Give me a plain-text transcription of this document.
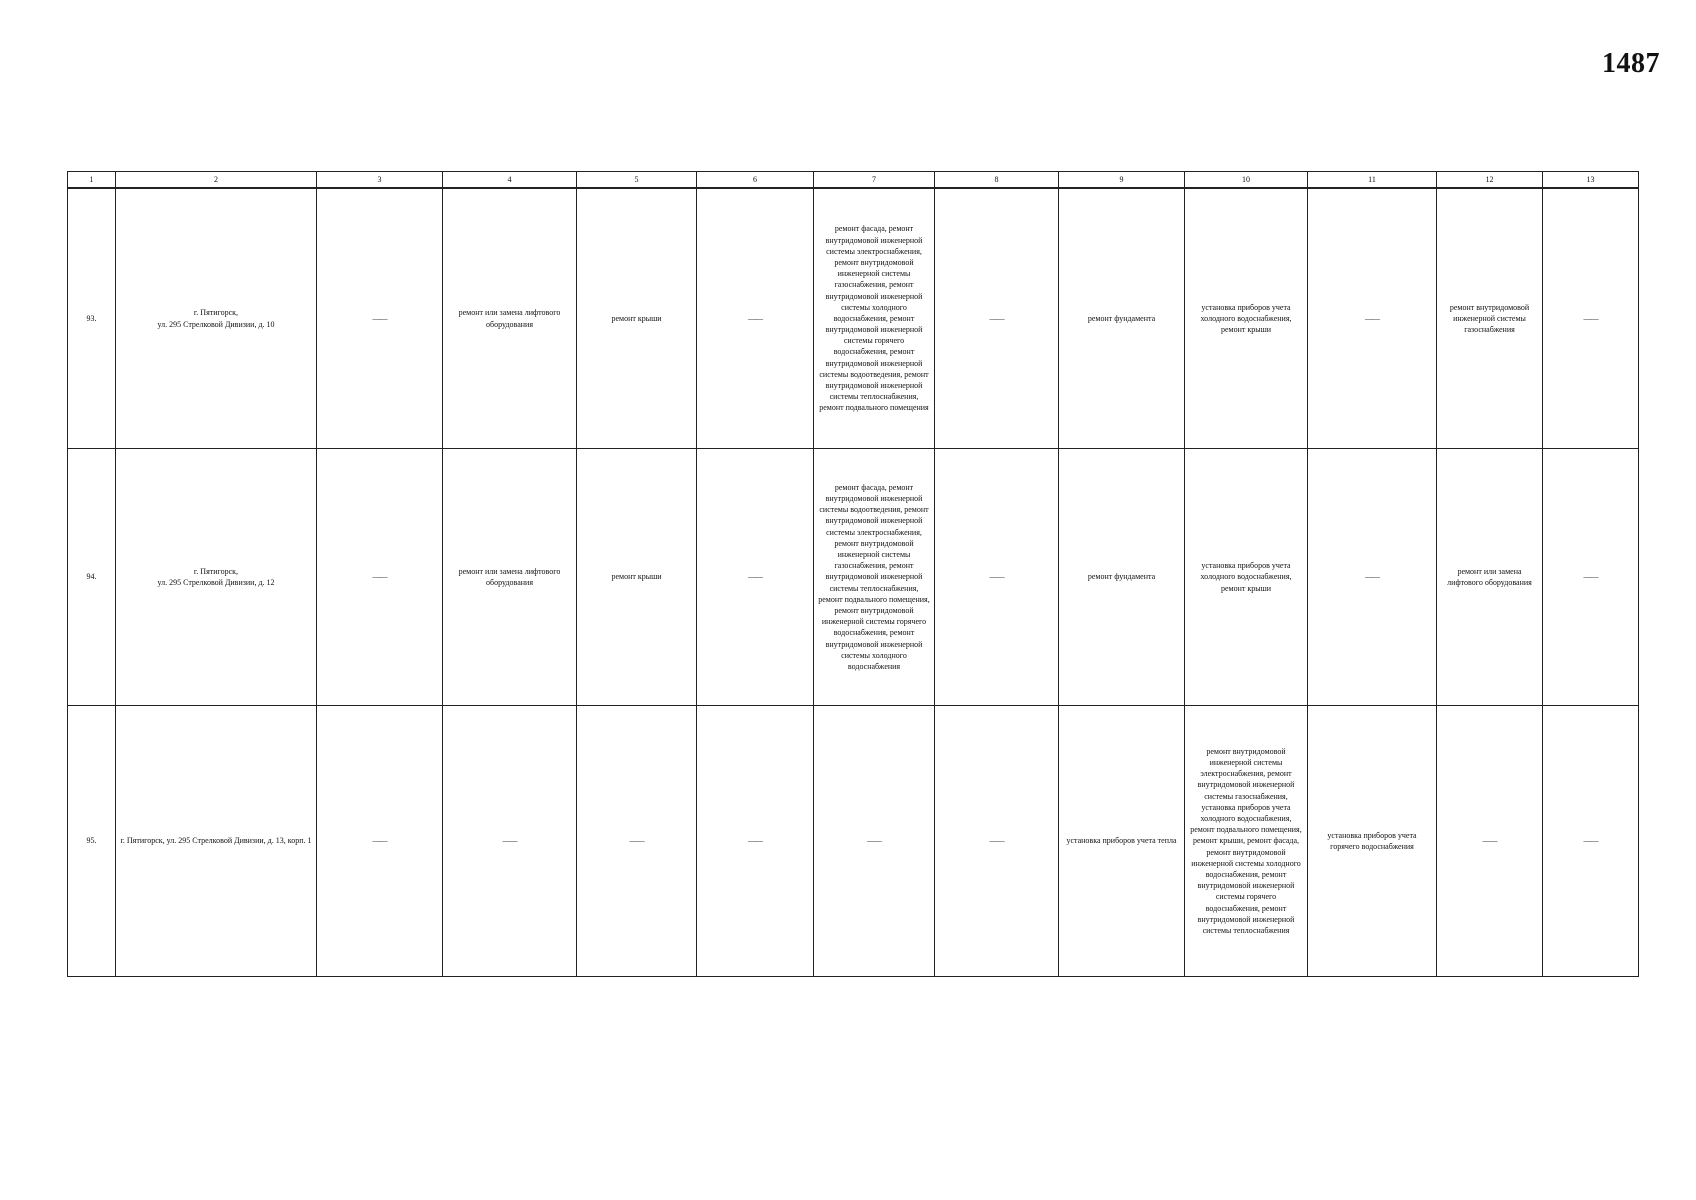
1487
1	2	3	4	5	6	7	8	9	10	11	12	13
93.	г. Пятигорск,
ул. 295 Стрелковой Дивизии, д. 10	——	ремонт или замена лифтового оборудования	ремонт крыши	——	ремонт фасада, ремонт внутридомовой инженерной системы электроснабжения, ремонт внутридомовой инженерной системы газоснабжения, ремонт внутридомовой инженерной системы холодного водоснабжения, ремонт внутридомовой инженерной системы горячего водоснабжения, ремонт внутридомовой инженерной системы водоотведения, ремонт внутридомовой инженерной системы теплоснабжения, ремонт подвального помещения	——	ремонт фундамента	установка приборов учета холодного водоснабжения, ремонт крыши	——	ремонт внутридомовой инженерной системы газоснабжения	——
94.	г. Пятигорск,
ул. 295 Стрелковой Дивизии, д. 12	——	ремонт или замена лифтового оборудования	ремонт крыши	——	ремонт фасада, ремонт внутридомовой инженерной системы водоотведения, ремонт внутридомовой инженерной системы электроснабжения, ремонт внутридомовой инженерной системы газоснабжения, ремонт внутридомовой инженерной системы теплоснабжения, ремонт подвального помещения, ремонт внутридомовой инженерной системы горячего водоснабжения, ремонт внутридомовой инженерной системы холодного водоснабжения	——	ремонт фундамента	установка приборов учета холодного водоснабжения, ремонт крыши	——	ремонт или замена лифтового оборудования	——
95.	г. Пятигорск, ул. 295 Стрелковой Дивизии, д. 13, корп. 1	——	——	——	——	——	——	установка приборов учета тепла	ремонт внутридомовой инженерной системы электроснабжения, ремонт внутридомовой инженерной системы газоснабжения, установка приборов учета холодного водоснабжения, ремонт подвального помещения, ремонт крыши, ремонт фасада, ремонт внутридомовой инженерной системы холодного водоснабжения, ремонт внутридомовой инженерной системы горячего водоснабжения, ремонт внутридомовой инженерной системы теплоснабжения	установка приборов учета горячего водоснабжения	——	——
